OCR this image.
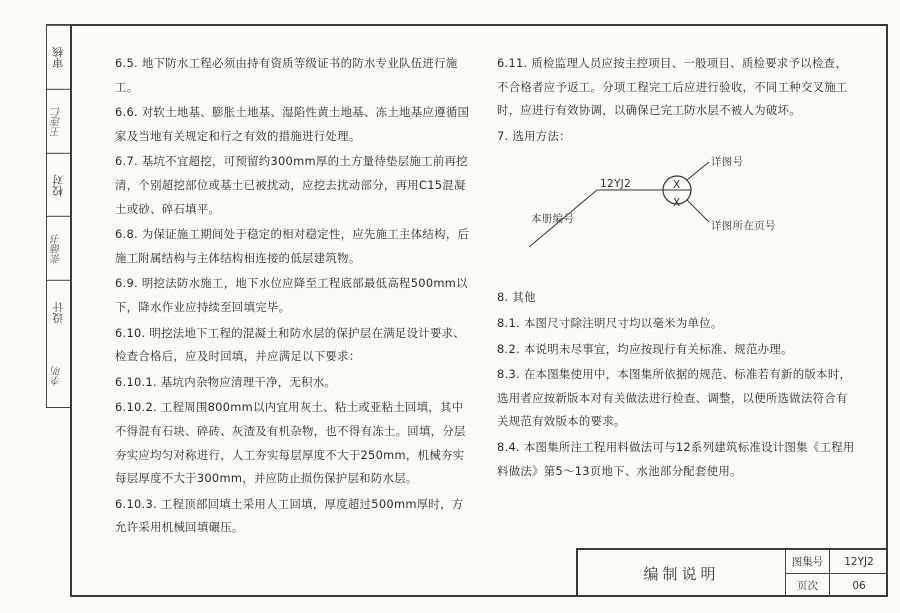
审核
王连仁
校对
张德书
设计
李明

6.5. 地下防水工程必须由持有资质等级证书的防水专业队伍进行施工。

6.6. 对软土地基、膨胀土地基、湿陷性黄土地基、冻土地基应遵循国家及当地有关规定和行之有效的措施进行处理。

6.7. 基坑不宜超挖，可预留约300mm厚的土方量待垫层施工前再挖清，个别超挖部位或基土已被扰动，应挖去扰动部分，再用C15混凝土或砂、碎石填平。

6.8. 为保证施工期间处于稳定的相对稳定性，应先施工主体结构，后施工附属结构与主体结构相连接的低层建筑物。

6.9. 明挖法防水施工，地下水位应降至工程底部最低高程500mm以下，降水作业应持续至回填完毕。

6.10. 明挖法地下工程的混凝土和防水层的保护层在满足设计要求、检查合格后，应及时回填，并应满足以下要求：

6.10.1. 基坑内杂物应清理干净，无积水。

6.10.2. 工程周围800mm以内宜用灰土、粘土或亚粘土回填，其中不得混有石块、碎砖、灰渣及有机杂物，也不得有冻土。回填，分层夯实应均匀对称进行，人工夯实每层厚度不大于250mm，机械夯实每层厚度不大于300mm，并应防止损伤保护层和防水层。

6.10.3. 工程顶部回填土采用人工回填，厚度超过500mm厚时，方允许采用机械回填碾压。

6.11. 质检监理人员应按主控项目、一般项目、质检要求予以检查，不合格者应予返工。分项工程完工后应进行验收，不同工种交叉施工时，应进行有效协调，以确保已完工防水层不被人为破坏。

7. 选用方法：

12YJ2	X
X
本册编号
详图号
详图所在页号

8. 其他

8.1. 本图尺寸除注明尺寸均以毫米为单位。

8.2. 本说明未尽事宜，均应按现行有关标准、规范办理。

8.3. 在本图集使用中，本图集所依据的规范、标准若有新的版本时，选用者应按新版本对有关做法进行检查、调整，以便所选做法符合有关规范有效版本的要求。

8.4. 本图集所注工程用料做法可与12系列建筑标准设计图集《工程用料做法》第5～13页地下、水池部分配套使用。

编制说明
图集号	12YJ2
页次	06
